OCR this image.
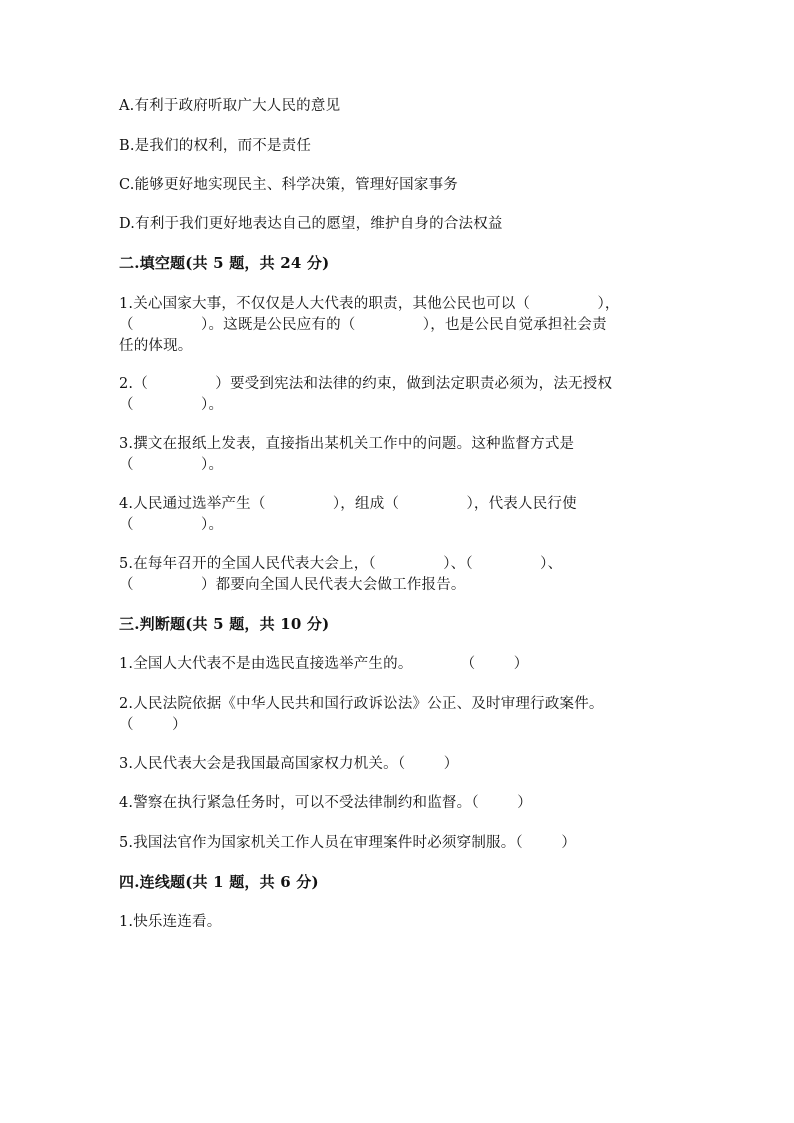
A.有利于政府听取广大人民的意见
B.是我们的权利，而不是责任
C.能够更好地实现民主、科学决策，管理好国家事务
D.有利于我们更好地表达自己的愿望，维护自身的合法权益
二.填空题(共 5 题，共 24 分)
1.关心国家大事，不仅仅是人大代表的职责，其他公民也可以（              ），
（              ）。这既是公民应有的（              ），也是公民自觉承担社会责
任的体现。
2.（              ）要受到宪法和法律的约束，做到法定职责必须为，法无授权
（              ）。
3.撰文在报纸上发表，直接指出某机关工作中的问题。这种监督方式是
（              ）。
4.人民通过选举产生（              ），组成（              ），代表人民行使
（              ）。
5.在每年召开的全国人民代表大会上，（              ）、（              ）、
（              ）都要向全国人民代表大会做工作报告。
三.判断题(共 5 题，共 10 分)
1.全国人大代表不是由选民直接选举产生的。          （        ）
2.人民法院依据《中华人民共和国行政诉讼法》公正、及时审理行政案件。
（        ）
3.人民代表大会是我国最高国家权力机关。（        ）
4.警察在执行紧急任务时，可以不受法律制约和监督。（        ）
5.我国法官作为国家机关工作人员在审理案件时必须穿制服。（        ）
四.连线题(共 1 题，共 6 分)
1.快乐连连看。
